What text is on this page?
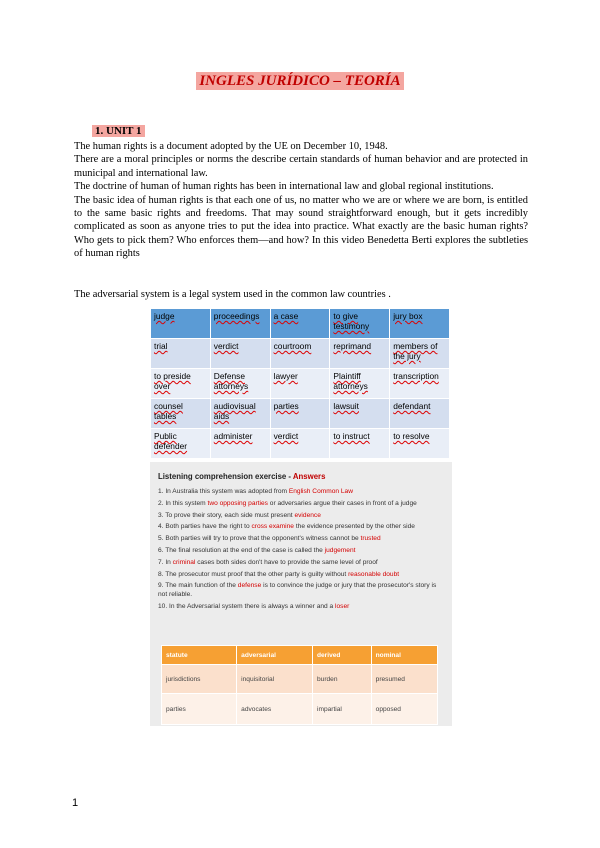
INGLES JURÍDICO – TEORÍA
1. UNIT 1

The human rights is a document adopted by the UE on December 10, 1948.

There are a moral principles or norms the describe certain standards of human behavior and are protected in municipal and international law.

The doctrine of human of human rights has been in international law and global regional institutions.

The basic idea of human rights is that each one of us, no matter who we are or where we are born, is entitled to the same basic rights and freedoms. That may sound straightforward enough, but it gets incredibly complicated as soon as anyone tries to put the idea into practice. What exactly are the basic human rights? Who gets to pick them? Who enforces them—and how? In this video Benedetta Berti explores the subtleties of human rights

The adversarial system is a legal system used in the common law countries .
judge	proceedings	a case	to give testimony	jury box
trial	verdict	courtroom	reprimand	members of the jury
to preside over	Defense attorneys	lawyer	Plaintiff attorneys	transcription
counsel tables	audiovisual aids	parties	lawsuit	defendant
Public defender	administer	verdict	to instruct	to resolve
Listening comprehension exercise - Answers
1. In Australia this system was adopted from English Common Law
2. In this system two opposing parties or adversaries argue their cases in front of a judge
3. To prove their story, each side must present evidence
4. Both parties have the right to cross examine the evidence presented by the other side
5. Both parties will try to prove that the opponent's witness cannot be trusted
6. The final resolution at the end of the case is called the judgement
7. In criminal cases both sides don't have to provide the same level of proof
8. The prosecutor must proof that the other party is guilty without reasonable doubt
9. The main function of the defense is to convince the judge or jury that the prosecutor's story is not reliable.
10. In the Adversarial system there is always a winner and a loser
statute	adversarial	derived	nominal
jurisdictions	inquisitorial	burden	presumed
parties	advocates	impartial	opposed
1
